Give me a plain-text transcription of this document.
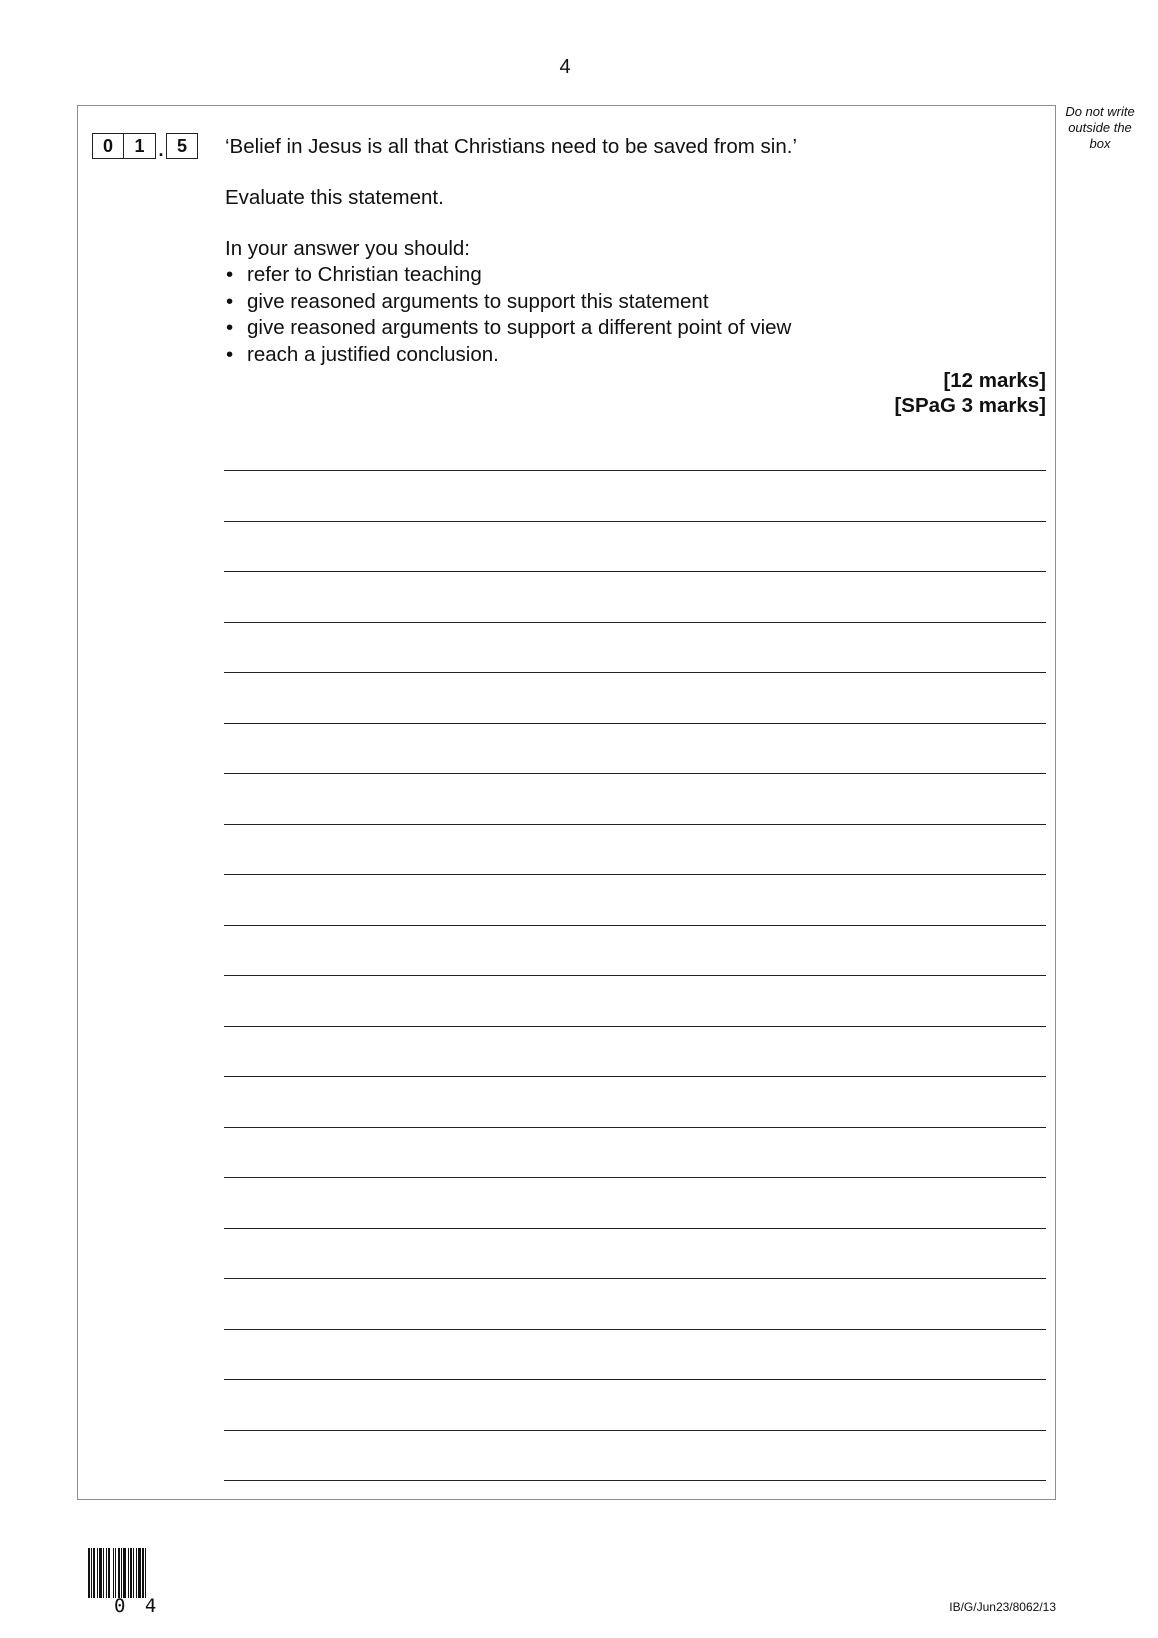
4
Do not write outside the box
0	1 . 5	‘Belief in Jesus is all that Christians need to be saved from sin.’
Evaluate this statement.
In your answer you should:
• refer to Christian teaching
• give reasoned arguments to support this statement
• give reasoned arguments to support a different point of view
• reach a justified conclusion.
[12 marks]
[SPaG 3 marks]
0 4	IB/G/Jun23/8062/13
